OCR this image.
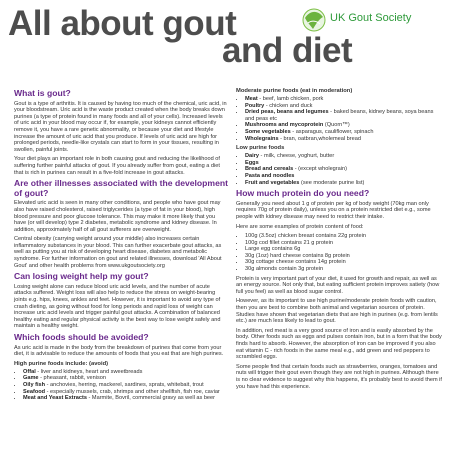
All about gout
and diet
UK Gout Society
What is gout?

Gout is a type of arthritis. It is caused by having too much of the chemical, uric acid, in your bloodstream. Uric acid is the waste product created when the body breaks down purines (a type of protein found in many foods and all of your cells). Increased levels of uric acid in your blood may occur if, for example, your kidneys cannot efficiently remove it, you have a rare genetic abnormality, or because your diet and lifestyle increase the amount of uric acid that you produce. If levels of uric acid are high for prolonged periods, needle-like crystals can start to form in your tissues, resulting in swollen, painful joints.

Your diet plays an important role in both causing gout and reducing the likelihood of suffering further painful attacks of gout. If you already suffer from gout, eating a diet that is rich in purines can result in a five-fold increase in gout attacks.

Are other illnesses associated with the development of gout?

Elevated uric acid is seen in many other conditions, and people who have gout may also have raised cholesterol, raised triglycerides (a type of fat in your blood), high blood pressure and poor glucose tolerance. This may make it more likely that you have (or will develop) type 2 diabetes, metabolic syndrome and kidney disease. In addition, approximately half of all gout sufferers are overweight.

Central obesity (carrying weight around your middle) also increases certain inflammatory substances in your blood. This can further exacerbate gout attacks, as well as putting you at risk of developing heart disease, diabetes and metabolic syndrome. For further information on gout and related illnesses, download 'All About Gout' and other health problems from www.ukgoutsociety.org

Can losing weight help my gout?

Losing weight alone can reduce blood uric acid levels, and the number of acute attacks suffered. Weight loss will also help to reduce the stress on weight-bearing joints e.g. hips, knees, ankles and feet. However, it is important to avoid any type of crash dieting, as going without food for long periods and rapid loss of weight can increase uric acid levels and trigger painful gout attacks. A combination of balanced healthy eating and regular physical activity is the best way to lose weight safely and maintain a healthy weight.

Which foods should be avoided?

As uric acid is made in the body from the breakdown of purines that come from your diet, it is advisable to reduce the amounts of foods that you eat that are high purines.

High purine foods include: (avoid)
• Offal - liver and kidneys, heart and sweetbreads
• Game - pheasant, rabbit, venison
• Oily fish - anchovies, herring, mackerel, sardines, sprats, whitebait, trout
• Seafood - especially mussels, crab, shrimps and other shellfish, fish roe, caviar
• Meat and Yeast Extracts - Marmite, Bovril, commercial gravy as well as beer
Moderate purine foods (eat in moderation)
• Meat - beef, lamb chicken, pork
• Poultry - chicken and duck
• Dried peas, beans and legumes - baked beans, kidney beans, soya beans and peas etc
• Mushrooms and mycoprotein (Quorn™)
• Some vegetables - asparagus, cauliflower, spinach
• Wholegrains - bran, oatbran,wholemeal bread
Low purine foods
• Dairy - milk, cheese, yoghurt, butter
• Eggs
• Bread and cereals - (except wholegrain)
• Pasta and noodles
• Fruit and vegetables (see moderate purine list)
How much protein do you need?

Generally you need about 1 g of protein per kg of body weight (70kg man only requires 70g of protein daily), unless you on a protein restricted diet e.g., some people with kidney disease may need to restrict their intake.

Here are some examples of protein content of food:

• 100g (3.5oz) chicken breast contains 22g protein
• 100g cod fillet contains 21 g protein
• Large egg contains 6g
• 30g (1oz) hard cheese contains 8g protein
• 30g cottage cheese contains 14g protein
• 30g almonds contain 3g protein

Protein is very important part of your diet, it used for growth and repair, as well as an energy source. Not only that, but eating sufficient protein improves satiety (how full you feel) as well as blood sugar control.

However, as its important to use high purine/moderate protein foods with caution, then you are best to combine both animal and vegetarian sources of protein. Studies have shown that vegetarian diets that are high in purines (e.g. from lentils etc.) are much less likely to lead to gout.

In addition, red meat is a very good source of iron and is easily absorbed by the body. Other foods such as eggs and pulses contain iron, but in a form that the body finds hard to absorb. However, the absorption of iron can be improved if you also eat vitamin C - rich foods in the same meal e.g., add green and red peppers to scrambled eggs.

Some people find that certain foods such as strawberries, oranges, tomatoes and nuts will trigger their gout even though they are not high in purines. Although there is no clear evidence to suggest why this happens, it's probably best to avoid them if you have had this experience.
